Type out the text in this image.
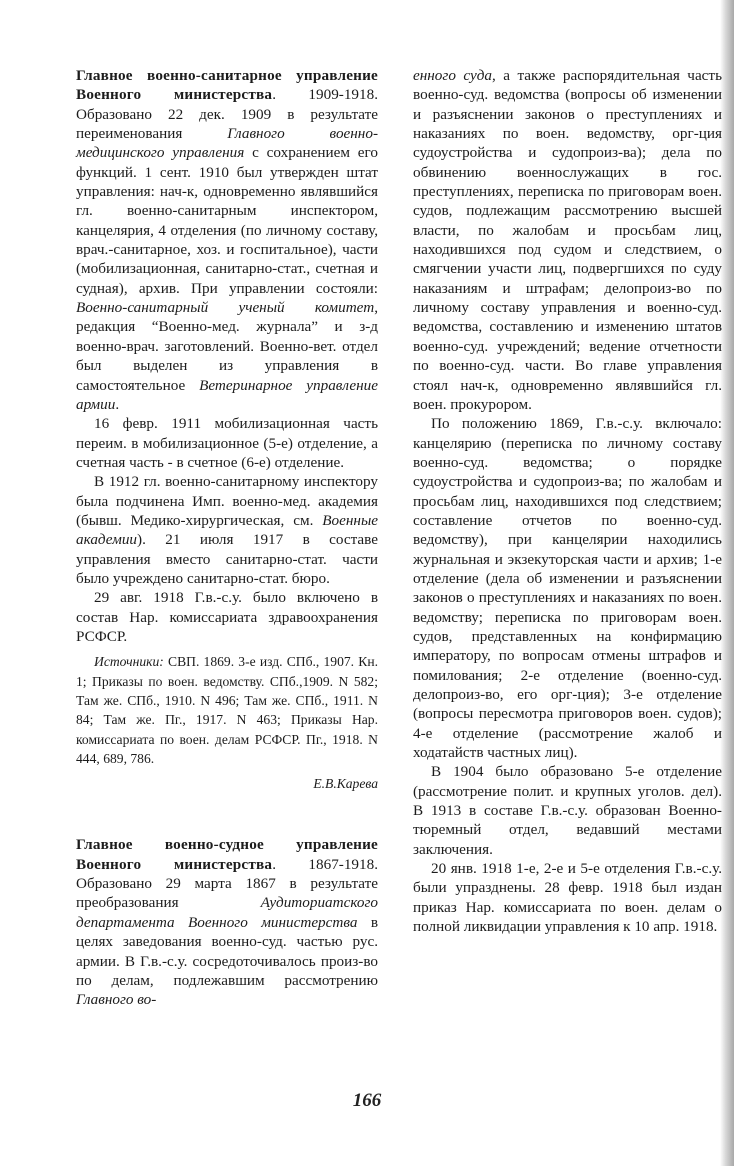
Главное военно-санитарное управление Военного министерства. 1909-1918. Образовано 22 дек. 1909 в результате переименования Главного военно-медицинского управления с сохранением его функций. 1 сент. 1910 был утвержден штат управления: нач-к, одновременно являвшийся гл. военно-санитарным инспектором, канцелярия, 4 отделения (по личному составу, врач.-санитарное, хоз. и госпитальное), части (мобилизационная, санитарно-стат., счетная и судная), архив. При управлении состояли: Военно-санитарный ученый комитет, редакция “Военно-мед. журнала” и з-д военно-врач. заготовлений. Военно-вет. отдел был выделен из управления в самостоятельное Ветеринарное управление армии.

16 февр. 1911 мобилизационная часть переим. в мобилизационное (5-е) отделение, а счетная часть - в счетное (6-е) отделение.

В 1912 гл. военно-санитарному инспектору была подчинена Имп. военно-мед. академия (бывш. Медико-хирургическая, см. Военные академии). 21 июля 1917 в составе управления вместо санитарно-стат. части было учреждено санитарно-стат. бюро.

29 авг. 1918 Г.в.-с.у. было включено в состав Нар. комиссариата здравоохранения РСФСР.

Источники: СВП. 1869. 3-е изд. СПб., 1907. Кн. 1; Приказы по воен. ведомству. СПб.,1909. N 582; Там же. СПб., 1910. N 496; Там же. СПб., 1911. N 84; Там же. Пг., 1917. N 463; Приказы Нар. комиссариата по воен. делам РСФСР. Пг., 1918. N 444, 689, 786.

Е.В.Карева

Главное военно-судное управление Военного министерства. 1867-1918. Образовано 29 марта 1867 в результате преобразования Аудиториатского департамента Военного министерства в целях заведования военно-суд. частью рус. армии. В Г.в.-с.у. сосредоточивалось произ-во по делам, подлежавшим рассмотрению Главного во-

енного суда, а также распорядительная часть военно-суд. ведомства (вопросы об изменении и разъяснении законов о преступлениях и наказаниях по воен. ведомству, орг-ция судоустройства и судопроиз-ва); дела по обвинению военнослужащих в гос. преступлениях, переписка по приговорам воен. судов, подлежащим рассмотрению высшей власти, по жалобам и просьбам лиц, находившихся под судом и следствием, о смягчении участи лиц, подвергшихся по суду наказаниям и штрафам; делопроиз-во по личному составу управления и военно-суд. ведомства, составлению и изменению штатов военно-суд. учреждений; ведение отчетности по военно-суд. части. Во главе управления стоял нач-к, одновременно являвшийся гл. воен. прокурором.

По положению 1869, Г.в.-с.у. включало: канцелярию (переписка по личному составу военно-суд. ведомства; о порядке судоустройства и судопроиз-ва; по жалобам и просьбам лиц, находившихся под следствием; составление отчетов по военно-суд. ведомству), при канцелярии находились журнальная и экзекуторская части и архив; 1-е отделение (дела об изменении и разъяснении законов о преступлениях и наказаниях по воен. ведомству; переписка по приговорам воен. судов, представленных на конфирмацию императору, по вопросам отмены штрафов и помилования; 2-е отделение (военно-суд. делопроиз-во, его орг-ция); 3-е отделение (вопросы пересмотра приговоров воен. судов); 4-е отделение (рассмотрение жалоб и ходатайств частных лиц).

В 1904 было образовано 5-е отделение (рассмотрение полит. и крупных уголов. дел). В 1913 в составе Г.в.-с.у. образован Военно-тюремный отдел, ведавший местами заключения.

20 янв. 1918 1-е, 2-е и 5-е отделения Г.в.-с.у. были упразднены. 28 февр. 1918 был издан приказ Нар. комиссариата по воен. делам о полной ликвидации управления к 10 апр. 1918.

166
